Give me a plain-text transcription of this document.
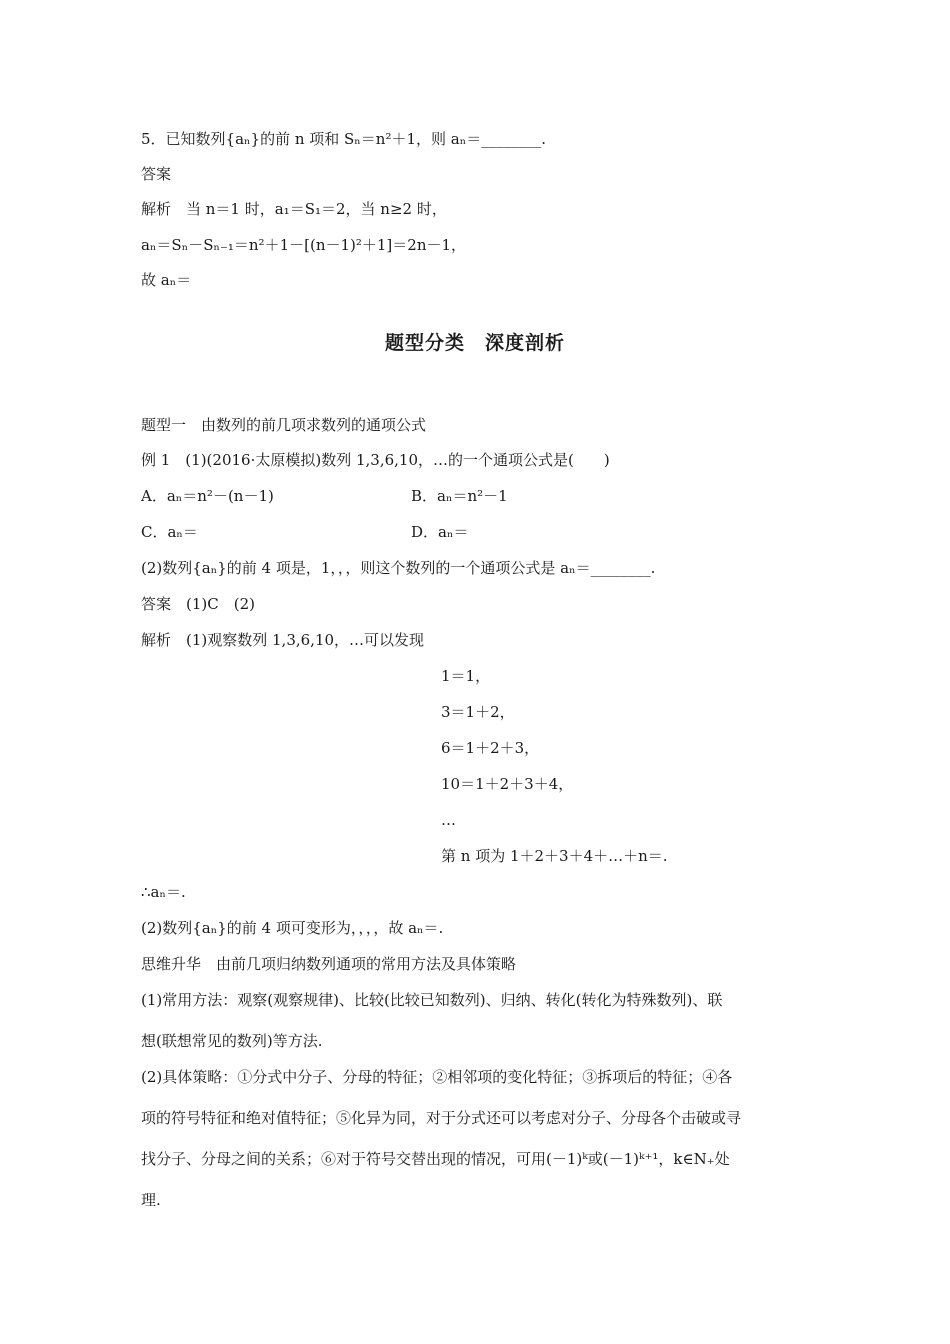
5．已知数列{aₙ}的前 n 项和 Sₙ＝n²＋1，则 aₙ＝________.
答案
解析　当 n＝1 时，a₁＝S₁＝2，当 n≥2 时，
aₙ＝Sₙ－Sₙ₋₁＝n²＋1－[(n－1)²＋1]＝2n－1，
故 aₙ＝
题型分类　深度剖析
题型一　由数列的前几项求数列的通项公式
例 1　(1)(2016·太原模拟)数列 1,3,6,10，…的一个通项公式是(　　)
A．aₙ＝n²－(n－1)	B．aₙ＝n²－1
C．aₙ＝	D．aₙ＝
(2)数列{aₙ}的前 4 项是，1，，，则这个数列的一个通项公式是 aₙ＝________.
答案　(1)C　(2)
解析　(1)观察数列 1,3,6,10，…可以发现
1＝1，
3＝1＋2，
6＝1＋2＋3，
10＝1＋2＋3＋4，
…
第 n 项为 1＋2＋3＋4＋…＋n＝.
∴aₙ＝.
(2)数列{aₙ}的前 4 项可变形为，，，，故 aₙ＝.
思维升华　由前几项归纳数列通项的常用方法及具体策略
(1)常用方法：观察(观察规律)、比较(比较已知数列)、归纳、转化(转化为特殊数列)、联
想(联想常见的数列)等方法.
(2)具体策略：①分式中分子、分母的特征；②相邻项的变化特征；③拆项后的特征；④各
项的符号特征和绝对值特征；⑤化异为同，对于分式还可以考虑对分子、分母各个击破或寻
找分子、分母之间的关系；⑥对于符号交替出现的情况，可用(－1)ᵏ或(－1)ᵏ⁺¹，k∈N₊处
理.
